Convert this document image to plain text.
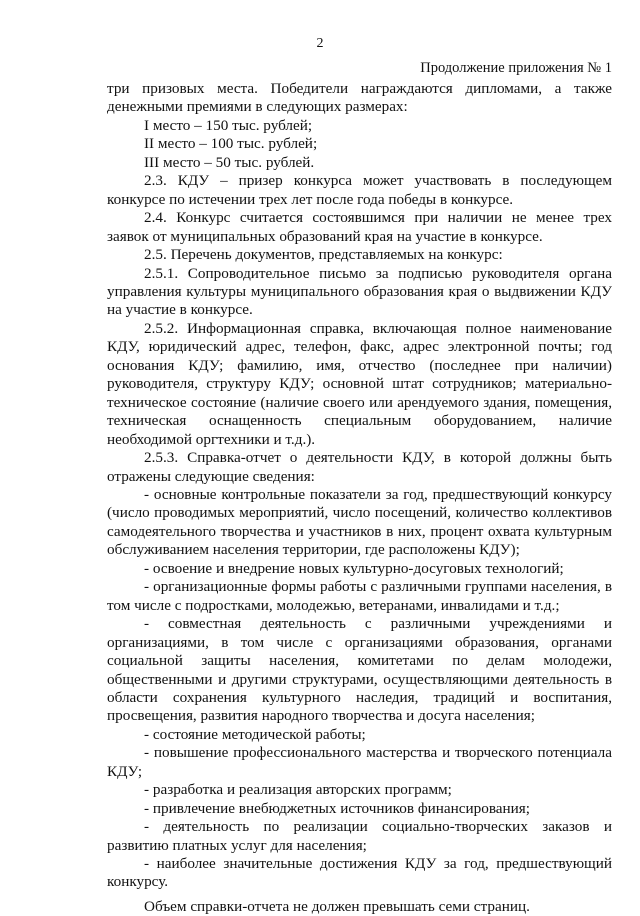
2
Продолжение приложения № 1

три призовых места. Победители награждаются дипломами, а также денежными премиями в следующих размерах:

I место – 150 тыс. рублей;

II место – 100 тыс. рублей;

III место – 50 тыс. рублей.

2.3. КДУ – призер конкурса может участвовать в последующем конкурсе по истечении трех лет после года победы в конкурсе.

2.4. Конкурс считается состоявшимся при наличии не менее трех заявок от муниципальных образований края на участие в конкурсе.

2.5. Перечень документов, представляемых на конкурс:

2.5.1. Сопроводительное письмо за подписью руководителя органа управления культуры муниципального образования края о выдвижении КДУ на участие в конкурсе.

2.5.2. Информационная справка, включающая полное наименование КДУ, юридический адрес, телефон, факс, адрес электронной почты; год основания КДУ; фамилию, имя, отчество (последнее при наличии) руководителя, структуру КДУ; основной штат сотрудников; материально-техническое состояние (наличие своего или арендуемого здания, помещения, техническая оснащенность специальным оборудованием, наличие необходимой оргтехники и т.д.).

2.5.3. Справка-отчет о деятельности КДУ, в которой должны быть отражены следующие сведения:

- основные контрольные показатели за год, предшествующий конкурсу (число проводимых мероприятий, число посещений, количество коллективов самодеятельного творчества и участников в них, процент охвата культурным обслуживанием населения территории, где расположены КДУ);

- освоение и внедрение новых культурно-досуговых технологий;

- организационные формы работы с различными группами населения, в том числе с подростками, молодежью, ветеранами, инвалидами и т.д.;

- совместная деятельность с различными учреждениями и организациями, в том числе с организациями образования, органами социальной защиты населения, комитетами по делам молодежи, общественными и другими структурами, осуществляющими деятельность в области сохранения культурного наследия, традиций и воспитания, просвещения, развития народного творчества и досуга населения;

- состояние методической работы;

- повышение профессионального мастерства и творческого потенциала КДУ;

- разработка и реализация авторских программ;

- привлечение внебюджетных источников финансирования;

- деятельность по реализации социально-творческих заказов и развитию платных услуг для населения;

- наиболее значительные достижения КДУ за год, предшествующий конкурсу.

Объем справки-отчета не должен превышать семи страниц.
